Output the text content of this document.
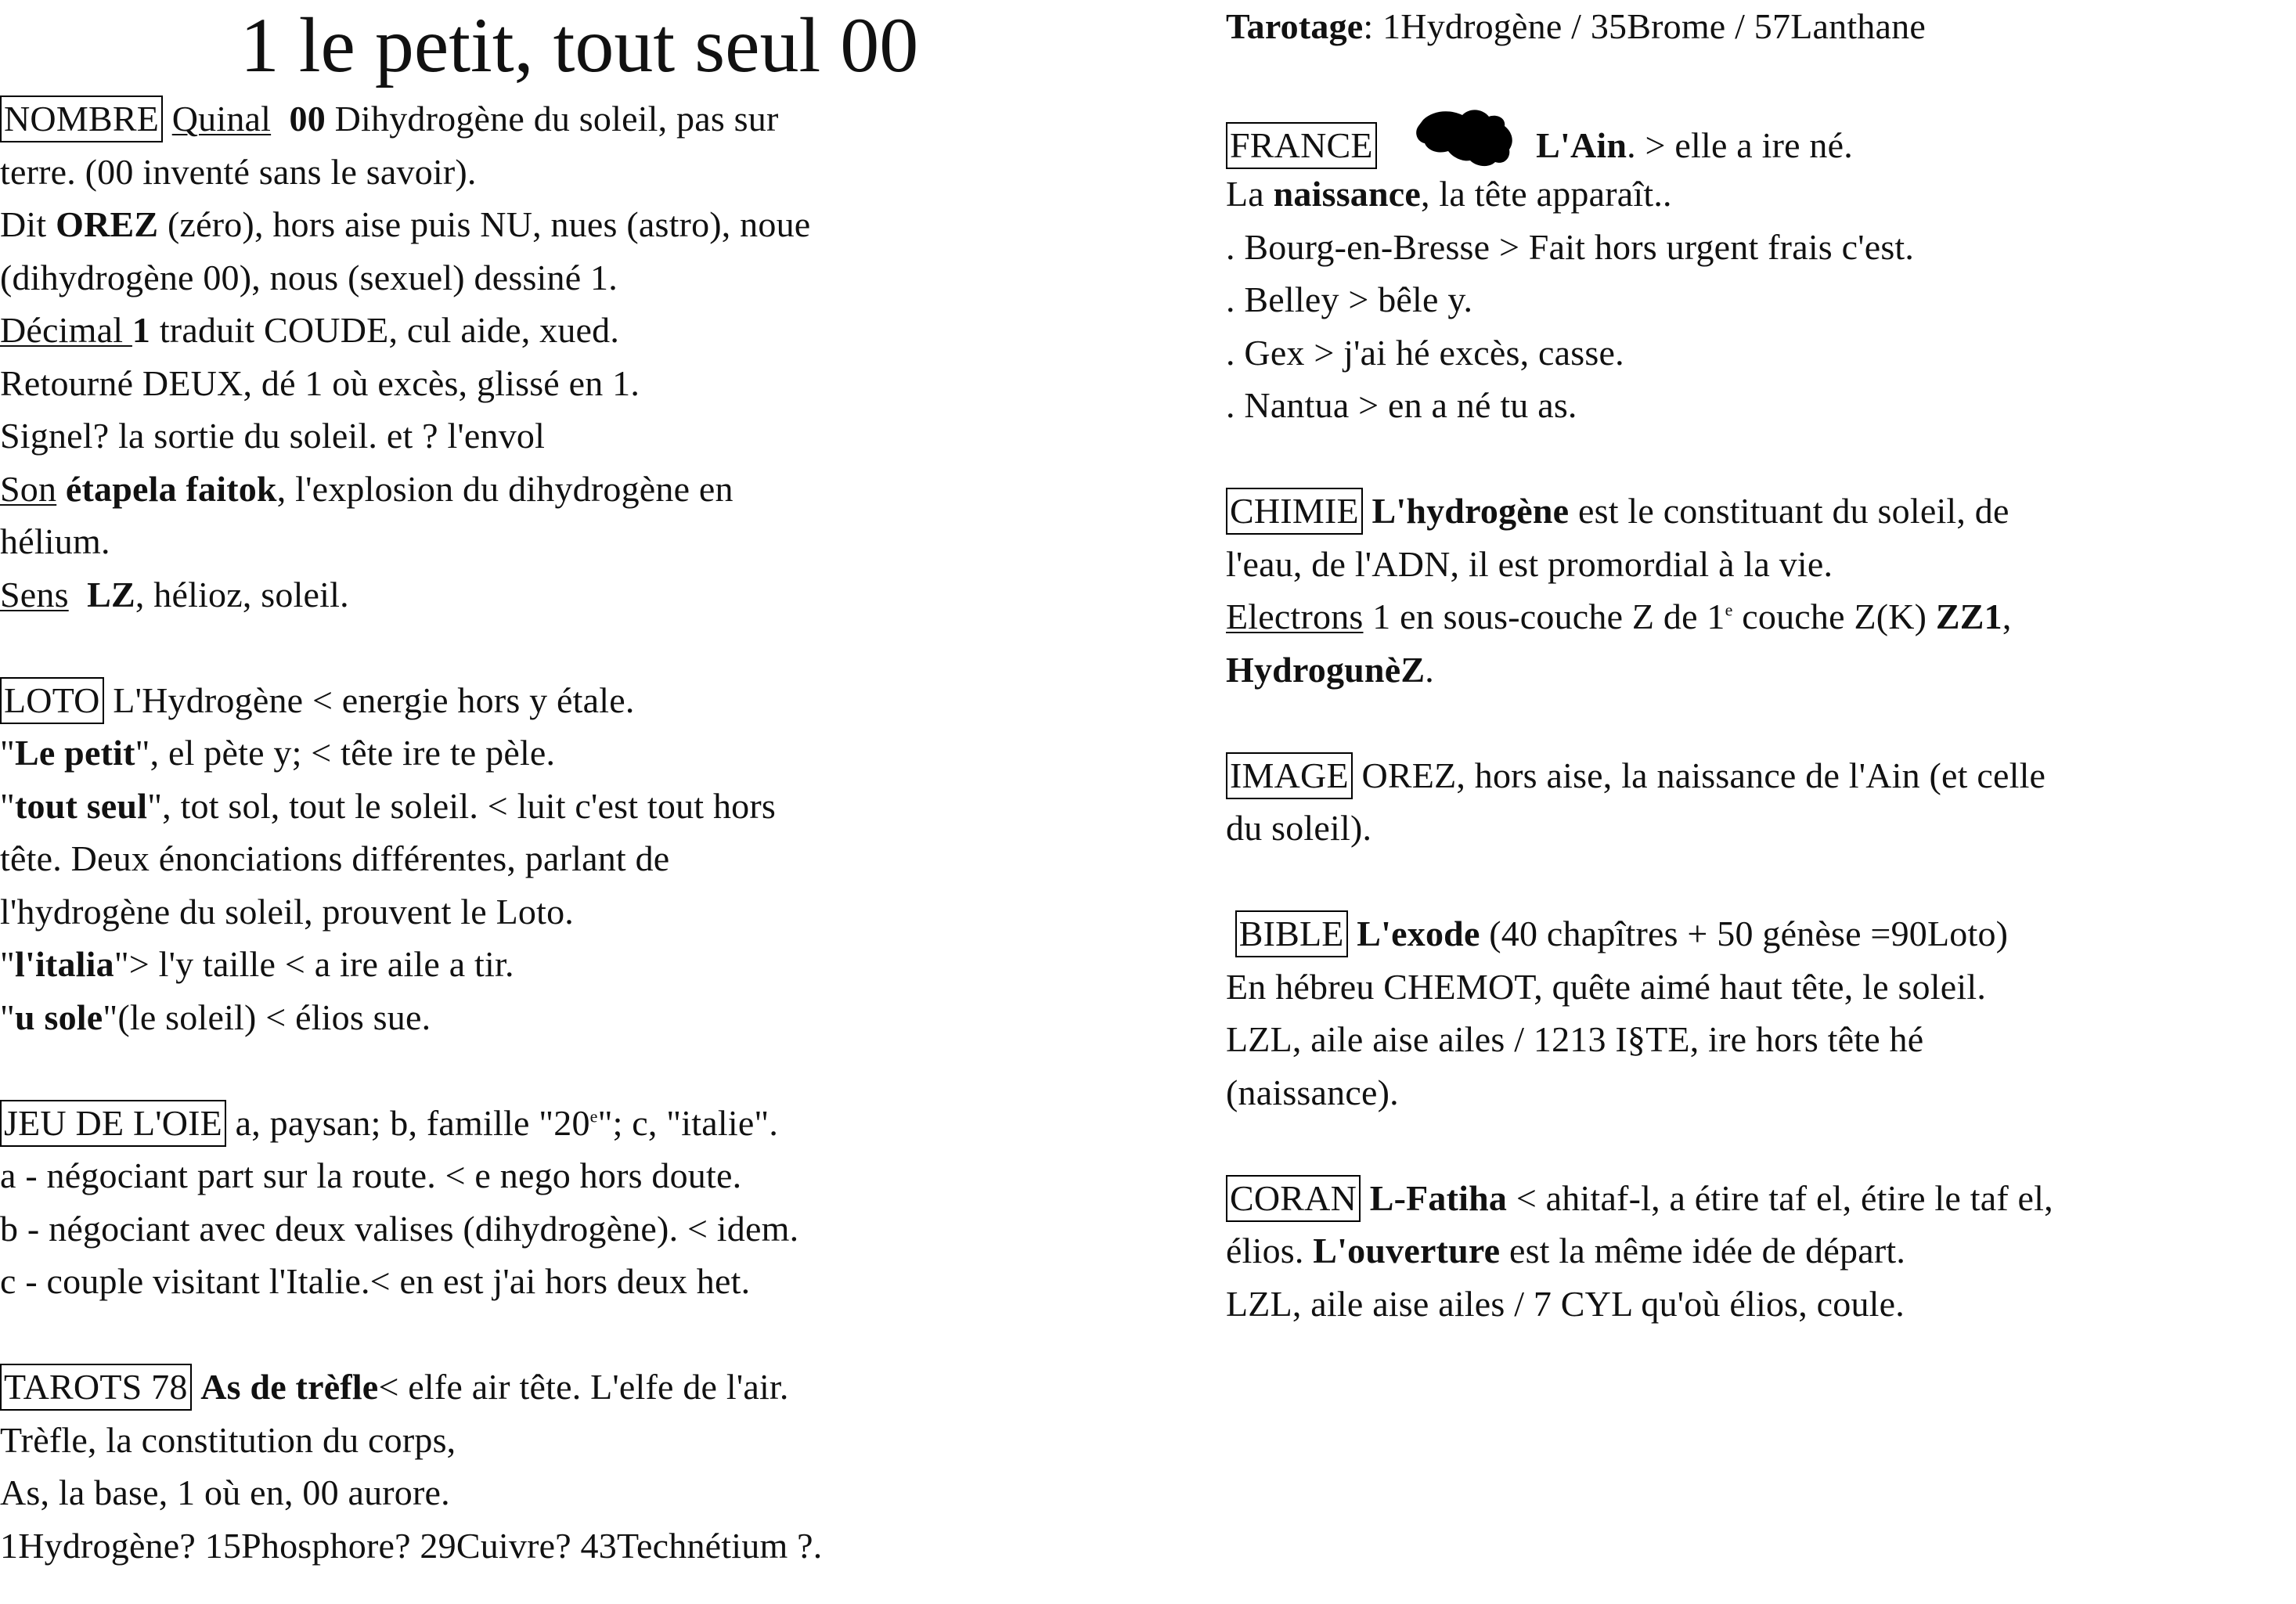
1 le petit, tout seul 00
NOMBRE Quinal 00 Dihydrogène du soleil, pas sur
terre. (00 inventé sans le savoir).
Dit OREZ (zéro), hors aise puis NU, nues (astro), noue
(dihydrogène 00), nous (sexuel) dessiné 1.
Décimal 1 traduit COUDE, cul aide, xued.
Retourné DEUX, dé 1 où excès, glissé en 1.
Signel? la sortie du soleil. et ? l'envol
Son étapela faitok, l'explosion du dihydrogène en
hélium.
Sens LZ, hélioz, soleil.
LOTO L'Hydrogène < energie hors y étale.
"Le petit", el pète y; < tête ire te pèle.
"tout seul", tot sol, tout le soleil. < luit c'est tout hors
tête. Deux énonciations différentes, parlant de
l'hydrogène du soleil, prouvent le Loto.
"l'italia"> l'y taille < a ire aile a tir.
"u sole"(le soleil) < élios sue.
JEU DE L'OIE a, paysan; b, famille "20e"; c, "italie".
a - négociant part sur la route. < e nego hors doute.
b - négociant avec deux valises (dihydrogène). < idem.
c - couple visitant l'Italie.< en est j'ai hors deux het.
TAROTS 78 As de trèfle< elfe air tête. L'elfe de l'air.
Trèfle, la constitution du corps,
As, la base, 1 où en, 00 aurore.
1Hydrogène? 15Phosphore? 29Cuivre? 43Technétium ?.
Tarotage: 1Hydrogène / 35Brome / 57Lanthane
FRANCE	L'Ain. > elle a ire né.
La naissance, la tête apparaît..
. Bourg-en-Bresse > Fait hors urgent frais c'est.
. Belley > bêle y.
. Gex > j'ai hé excès, casse.
. Nantua > en a né tu as.
CHIMIE L'hydrogène est le constituant du soleil, de
l'eau, de l'ADN, il est promordial à la vie.
Electrons 1 en sous-couche Z de 1e couche Z(K) ZZ1,
HydrogunèZ.
IMAGE OREZ, hors aise, la naissance de l'Ain (et celle
du soleil).
BIBLE L'exode (40 chapîtres + 50 génèse =90Loto)
En hébreu CHEMOT, quête aimé haut tête, le soleil.
LZL, aile aise ailes / 1213 I§TE, ire hors tête hé
(naissance).
CORAN L-Fatiha < ahitaf-l, a étire taf el, étire le taf el,
élios. L'ouverture est la même idée de départ.
LZL, aile aise ailes / 7 CYL qu'où élios, coule.
